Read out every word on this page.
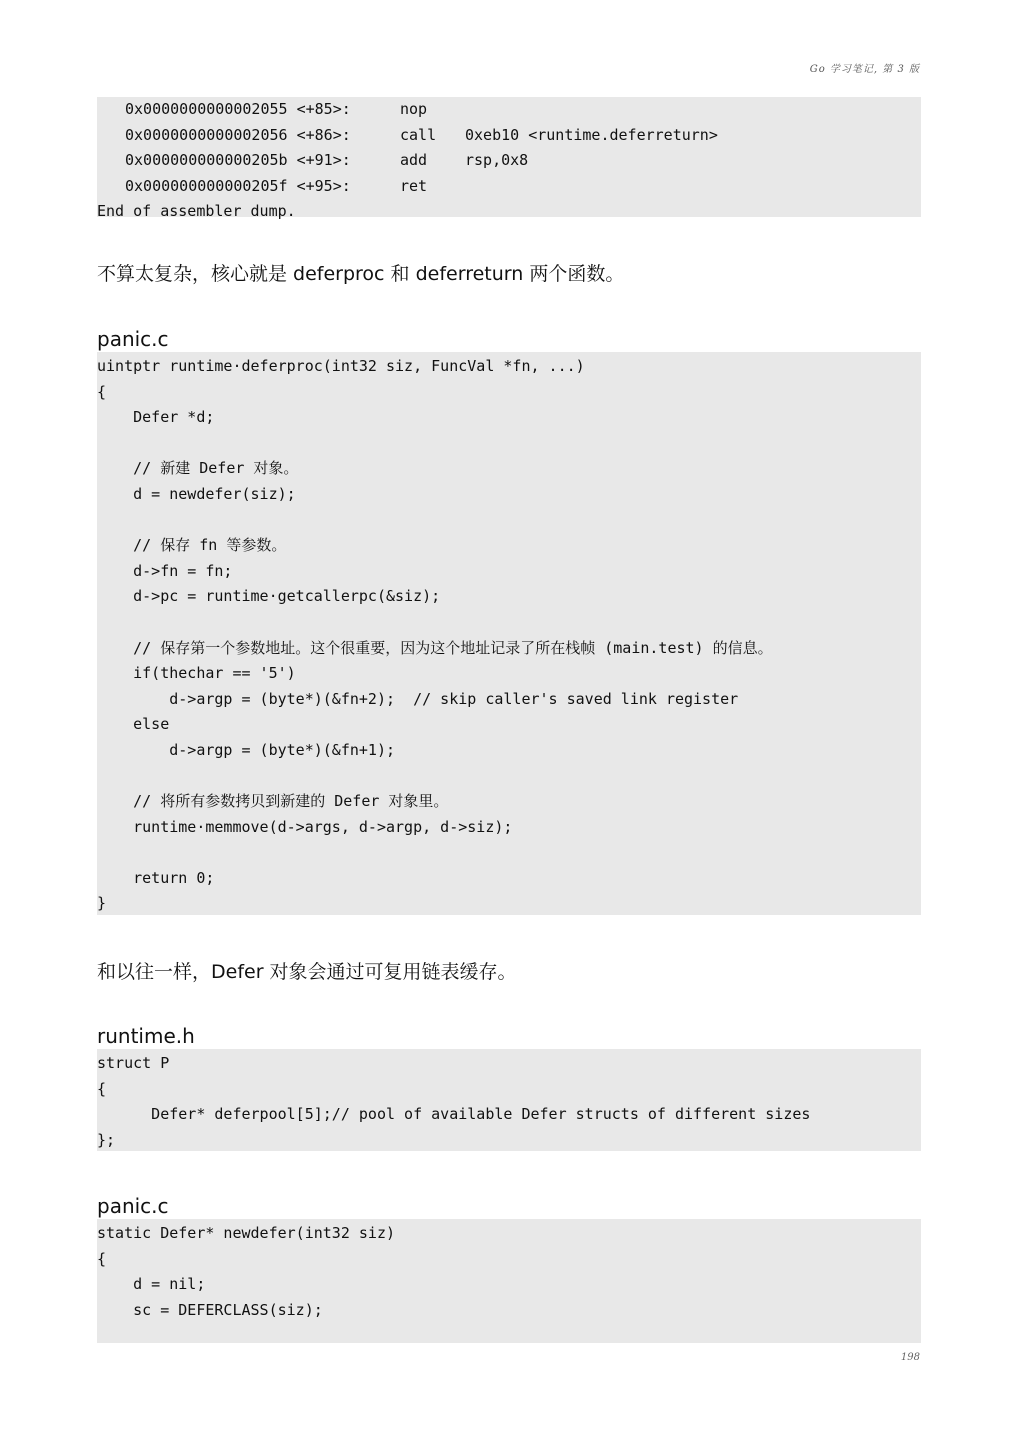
Go 学习笔记, 第 3 版
0x0000000000002055 <+85>:	nop
0x0000000000002056 <+86>:	call 0xeb10 <runtime.deferreturn>
0x000000000000205b <+91>:	add	rsp,0x8
0x000000000000205f <+95>:	ret
End of assembler dump.
不算太复杂，核心就是 deferproc 和 deferreturn 两个函数。
panic.c
uintptr runtime·deferproc(int32 siz, FuncVal *fn, ...)
{
Defer *d;
// 新建 Defer 对象。
d = newdefer(siz);
// 保存 fn 等参数。
d->fn = fn;
d->pc = runtime·getcallerpc(&siz);
// 保存第一个参数地址。这个很重要，因为这个地址记录了所在栈帧 (main.test) 的信息。
if(thechar == '5')
d->argp = (byte*)(&fn+2);  // skip caller's saved link register
else
d->argp = (byte*)(&fn+1);
// 将所有参数拷贝到新建的 Defer 对象里。
runtime·memmove(d->args, d->argp, d->siz);
return 0;
}
和以往一样，Defer 对象会通过可复用链表缓存。
runtime.h
struct P
{
Defer* deferpool[5];// pool of available Defer structs of different sizes
};
panic.c
static Defer* newdefer(int32 siz)
{
d = nil;
sc = DEFERCLASS(siz);
198
